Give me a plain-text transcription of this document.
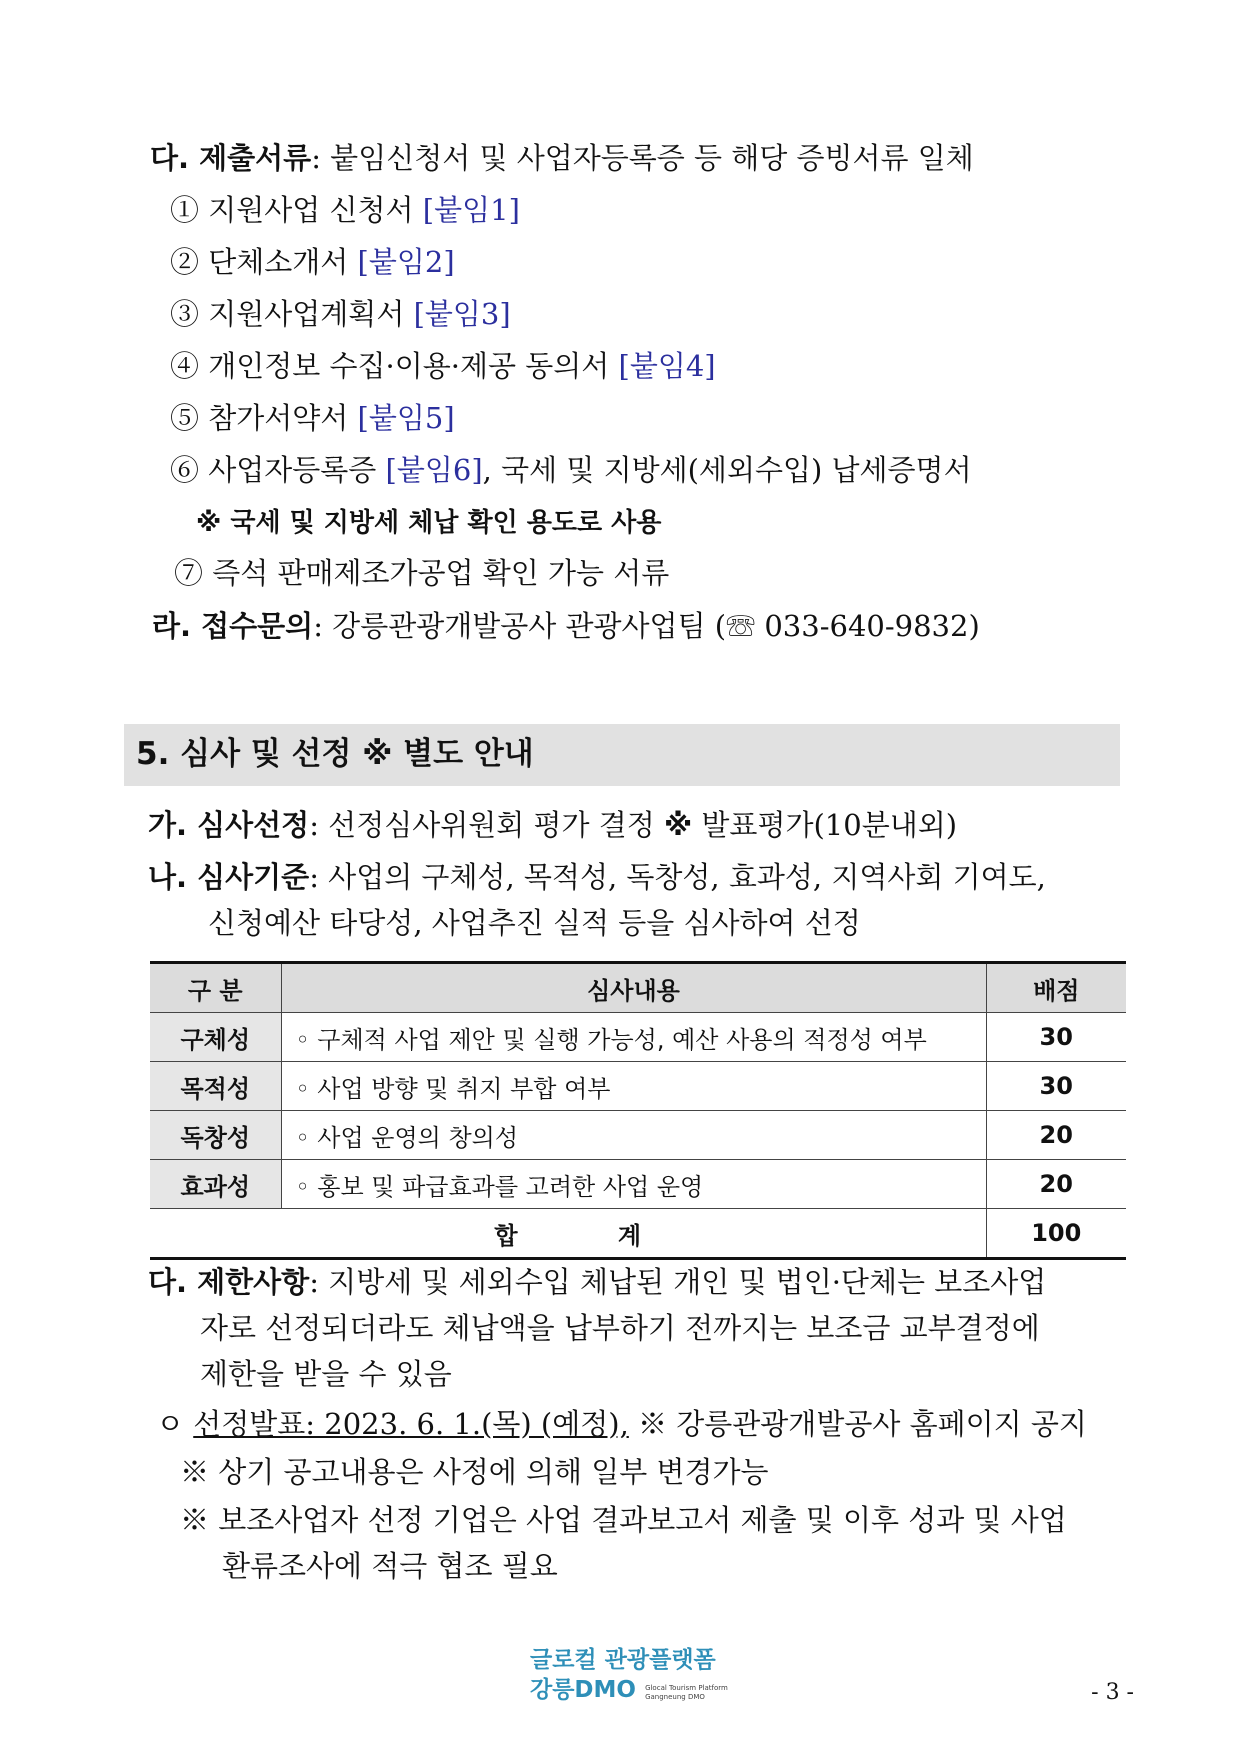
다. 제출서류: 붙임신청서 및 사업자등록증 등 해당 증빙서류 일체
① 지원사업 신청서 [붙임1]
② 단체소개서 [붙임2]
③ 지원사업계획서 [붙임3]
④ 개인정보 수집·이용·제공 동의서 [붙임4]
⑤ 참가서약서 [붙임5]
⑥ 사업자등록증 [붙임6], 국세 및 지방세(세외수입) 납세증명서
※ 국세 및 지방세 체납 확인 용도로 사용
⑦ 즉석 판매제조가공업 확인 가능 서류
라. 접수문의: 강릉관광개발공사 관광사업팀 (☏ 033-640-9832)
5. 심사 및 선정 ※ 별도 안내
가. 심사선정: 선정심사위원회 평가 결정 ※ 발표평가(10분내외)
나. 심사기준: 사업의 구체성, 목적성, 독창성, 효과성, 지역사회 기여도,
신청예산 타당성, 사업추진 실적 등을 심사하여 선정
구 분	심사내용	배점
구체성	◦ 구체적 사업 제안 및 실행 가능성, 예산 사용의 적정성 여부	30
목적성	◦ 사업 방향 및 취지 부합 여부	30
독창성	◦ 사업 운영의 창의성	20
효과성	◦ 홍보 및 파급효과를 고려한 사업 운영	20
합            계		100
다. 제한사항: 지방세 및 세외수입 체납된 개인 및 법인·단체는 보조사업
자로 선정되더라도 체납액을 납부하기 전까지는 보조금 교부결정에
제한을 받을 수 있음
ㅇ 선정발표: 2023. 6. 1.(목) (예정), ※ 강릉관광개발공사 홈페이지 공지
※ 상기 공고내용은 사정에 의해 일부 변경가능
※ 보조사업자 선정 기업은 사업 결과보고서 제출 및 이후 성과 및 사업
환류조사에 적극 협조 필요
글로컬 관광플랫폼
강릉DMO Glocal Tourism Platform
Gangneung DMO	- 3 -
